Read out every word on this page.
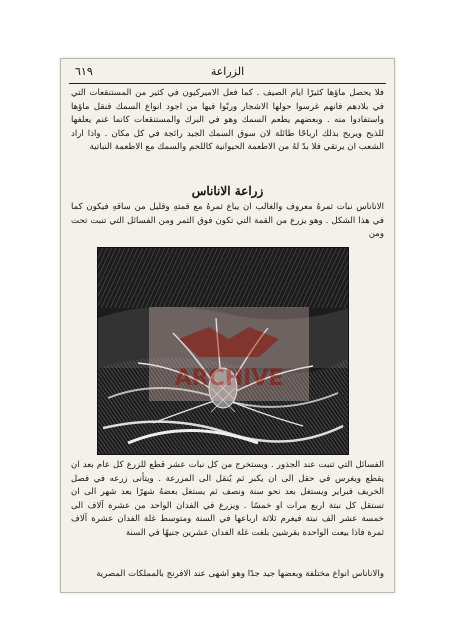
الزراعة
٦١٩
فلا يحصل ماؤها كثيرًا ايام الصيف . كما فعل الاميركيون في كثير من المستنقعات التي في بلادهم فانهم غرسوا حولها الاشجار وربّوا فيها من اجود انواع السمك فنقل ماؤها واستفادوا منه . وبعضهم يطعم السمك وهو في البرك والمستنقعات كانما غنم يعلفها للذبح ويربح بذلك ارباحًا طائلة لان سوق السمك الجيد رائجة في كل مكان . واذا اراد الشعب ان يرتقي فلا بدّ لهُ من الاطعمة الحيوانية كاللحم والسمك مع الاطعمة النباتية
زراعة الاناناس
الاناناس نبات ثمرهُ معروف والغالب ان يباع ثمرهُ مع قمتهِ وقليل من ساقهِ فيكون كما في هذا الشكل . وهو يزرع من القمة التي تكون فوق الثمر ومن الفسائل التي تنبت تحت ومن
ARCHIVE
الفسائل التي تنبت عند الجذور . ويستخرج من كل نبات عشر قطع للزرع كل عام بعد ان يقطع ويغرس في حقل الى ان يكبر ثم يُنقل الى المزرعة . ويتأنى زرعه في فصل الخريف فبراير ويستغل بعد نحو سنة ونصف ثم يستغل بعضهُ شهرًا بعد شهر الى ان تستقل كل نبتة اربع مرات او خمسًا . ويزرع في الفدان الواحد من عشرة آلاف الى خمسة عشر الف نبتة فيغرم ثلاثة ارباعها في السنة ومتوسط غلة الفدان عشرة آلاف ثمرة فاذا بيعت الواحدة بقرشين بلغت غلة الفدان عشرين جنيهًا في السنة
والاناناس انواع مختلفة وبعضها جيد جدًا وهو اشهى عند الافرنج بالمملكات المصرية
